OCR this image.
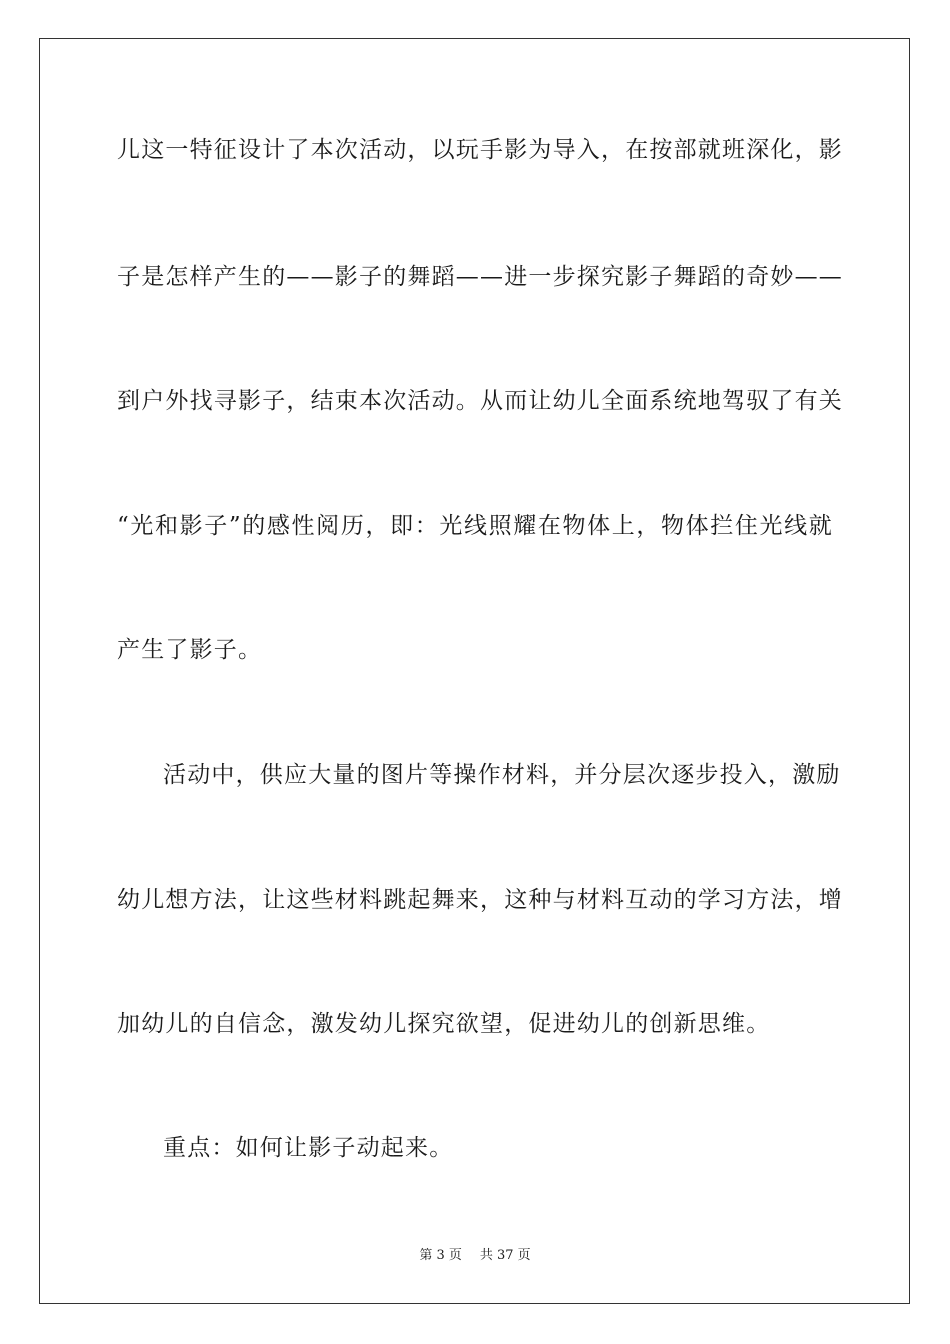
儿这一特征设计了本次活动，以玩手影为导入，在按部就班深化，影
子是怎样产生的——影子的舞蹈——进一步探究影子舞蹈的奇妙——
到户外找寻影子，结束本次活动。从而让幼儿全面系统地驾驭了有关
“光和影子”的感性阅历，即：光线照耀在物体上，物体拦住光线就
产生了影子。
活动中，供应大量的图片等操作材料，并分层次逐步投入，激励
幼儿想方法，让这些材料跳起舞来，这种与材料互动的学习方法，增
加幼儿的自信念，激发幼儿探究欲望，促进幼儿的创新思维。
重点：如何让影子动起来。
第 3 页 共 37 页
